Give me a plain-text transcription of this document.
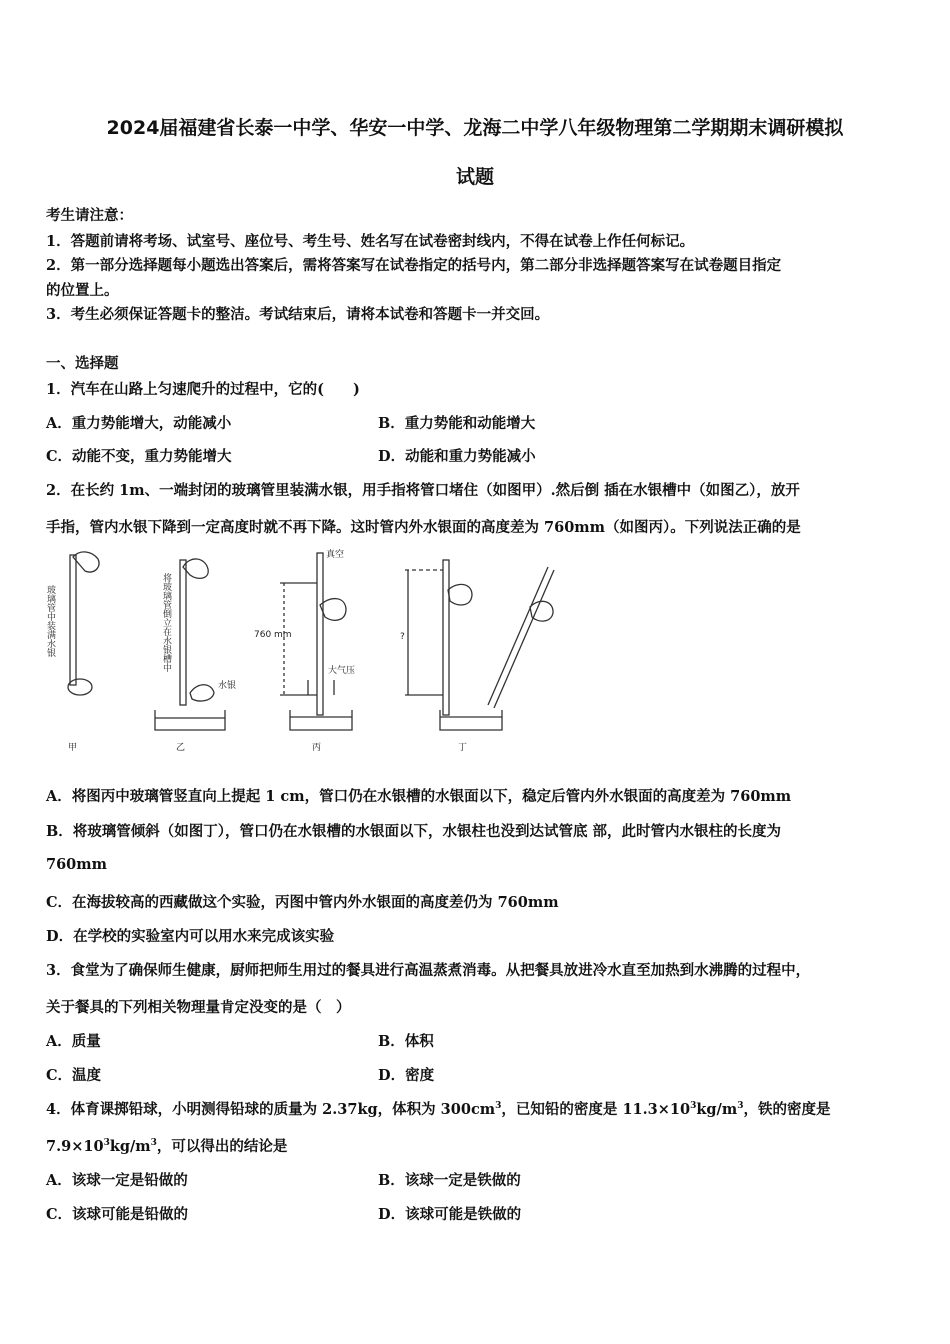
2024届福建省长泰一中学、华安一中学、龙海二中学八年级物理第二学期期末调研模拟
试题
考生请注意：
1．答题前请将考场、试室号、座位号、考生号、姓名写在试卷密封线内，不得在试卷上作任何标记。
2．第一部分选择题每小题选出答案后，需将答案写在试卷指定的括号内，第二部分非选择题答案写在试卷题目指定
的位置上。
3．考生必须保证答题卡的整洁。考试结束后，请将本试卷和答题卡一并交回。
一、选择题
1．汽车在山路上匀速爬升的过程中，它的(　　)
A．重力势能增大，动能减小	B．重力势能和动能增大
C．动能不变，重力势能增大	D．动能和重力势能减小
2．在长约 1m、一端封闭的玻璃管里装满水银，用手指将管口堵住（如图甲）.然后倒 插在水银槽中（如图乙），放开
手指，管内水银下降到一定高度时就不再下降。这时管内外水银面的高度差为 760mm（如图丙）。下列说法正确的是
玻璃管中装满水银	将玻璃管倒立在水银槽中
水银
真空
760 mm
大气压
?
甲	乙	丙	丁
A．将图丙中玻璃管竖直向上提起 1 cm，管口仍在水银槽的水银面以下，稳定后管内外水银面的高度差为 760mm
B．将玻璃管倾斜（如图丁），管口仍在水银槽的水银面以下，水银柱也没到达试管底 部，此时管内水银柱的长度为
760mm
C．在海拔较高的西藏做这个实验，丙图中管内外水银面的高度差仍为 760mm
D．在学校的实验室内可以用水来完成该实验
3．食堂为了确保师生健康，厨师把师生用过的餐具进行高温蒸煮消毒。从把餐具放进冷水直至加热到水沸腾的过程中，
关于餐具的下列相关物理量肯定没变的是（　）
A．质量	B．体积
C．温度	D．密度
4．体育课掷铅球，小明测得铅球的质量为 2.37kg，体积为 $300cm^3$，已知铅的密度是 $11.3\times 10^3kg/m^3$，铁的密度是
$7.9\times 10^3kg/m^3$，可以得出的结论是
A．该球一定是铅做的	B．该球一定是铁做的
C．该球可能是铅做的	D．该球可能是铁做的
